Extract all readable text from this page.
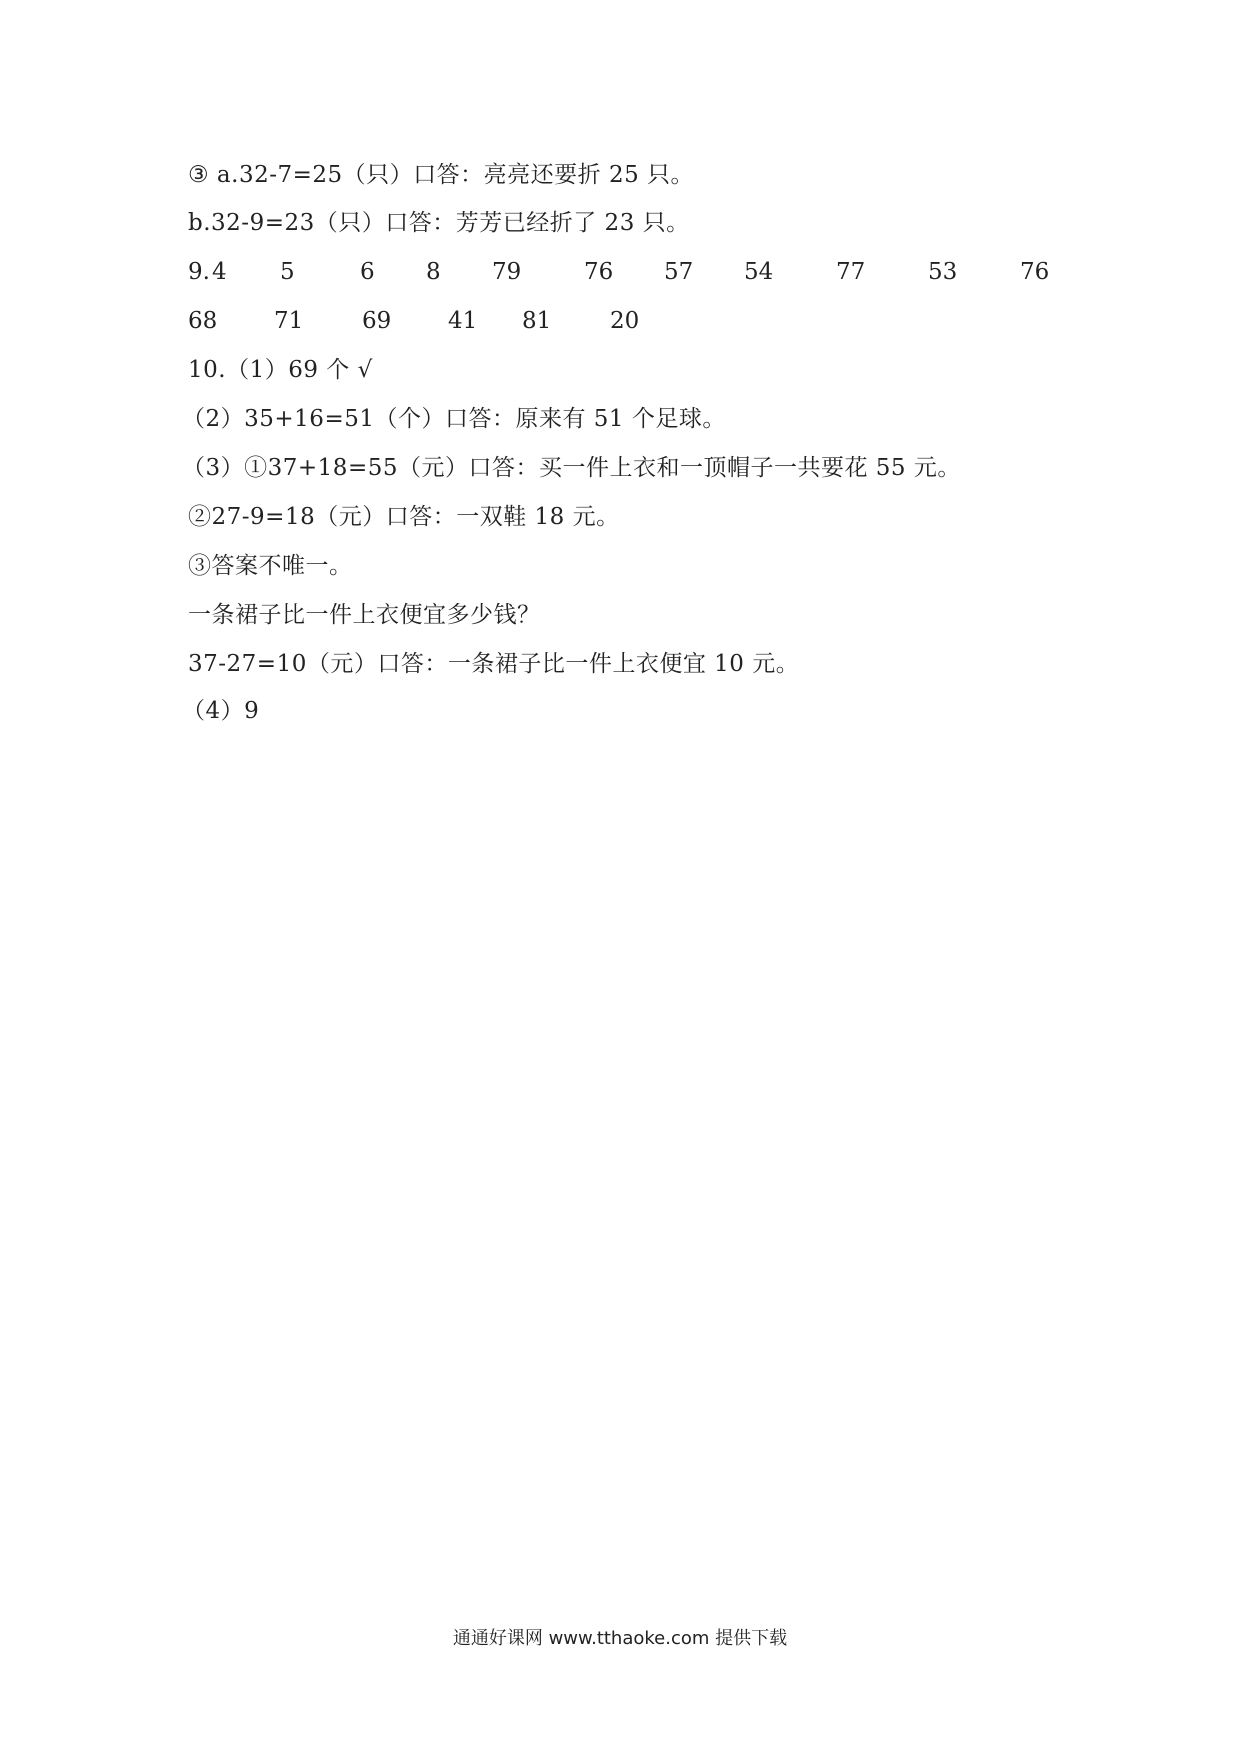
③ a.32-7=25（只）口答：亮亮还要折 25 只。
b.32-9=23（只）口答：芳芳已经折了 23 只。
9. 4 5	6 8 79	76 57 54	77	53	76
68 71	69 41 81	20
10.（1）69 个 √
（2）35+16=51（个）口答：原来有 51 个足球。
（3）①37+18=55（元）口答：买一件上衣和一顶帽子一共要花 55 元。
②27-9=18（元）口答：一双鞋 18 元。
③答案不唯一。
一条裙子比一件上衣便宜多少钱？
37-27=10（元）口答：一条裙子比一件上衣便宜 10 元。
（4）9
通通好课网 www.tthaoke.com 提供下载
